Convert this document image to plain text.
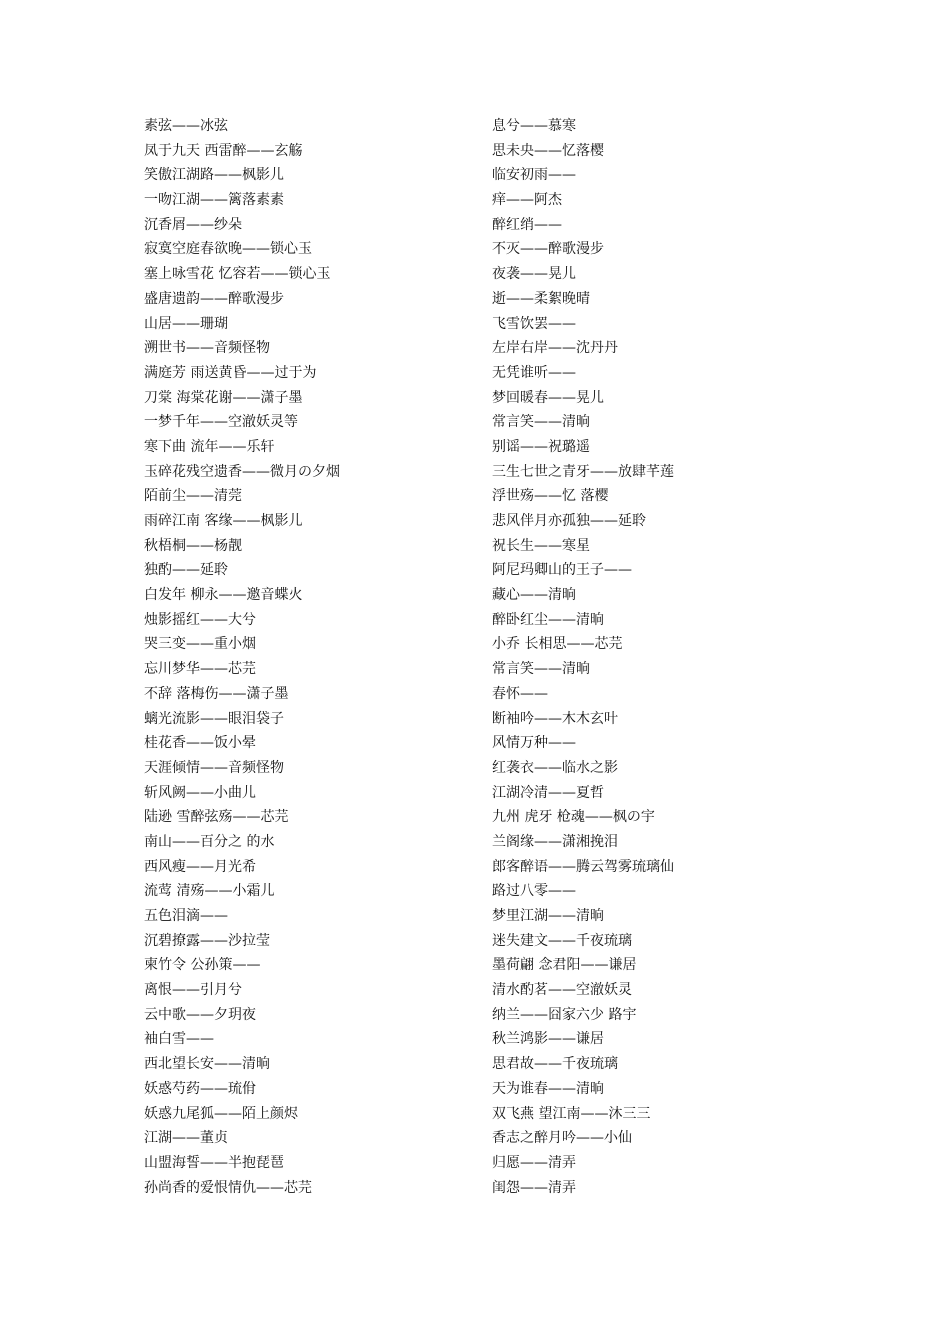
素弦——冰弦
凤于九天 西雷醉——玄觞
笑傲江湖路——枫影儿
一吻江湖——篱落素素
沉香屑——纱朵
寂寞空庭春欲晚——锁心玉
塞上咏雪花 忆容若——锁心玉
盛唐遗韵——醉歌漫步
山居——珊瑚
溯世书——音频怪物
满庭芳 雨送黄昏——过于为
刀棠 海棠花谢——潇子墨
一梦千年——空澈妖灵等
寒下曲 流年——乐轩
玉碎花残空遗香——微月の夕烟
陌前尘——清莞
雨碎江南 客缘——枫影儿
秋梧桐——杨靓
独酌——延聆
白发年 柳永——邀音蝶火
烛影摇红——大兮
哭三变——重小烟
忘川梦华——芯芫
不辞 落梅伤——潇子墨
螭光流影——眼泪袋子
桂花香——饭小晕
天涯倾情——音频怪物
斩风阙——小曲儿
陆逊 雪醉弦殇——芯芫
南山——百分之 的水
西风瘦——月光希
流莺 清殇——小霜儿
五色泪滴——
沉碧撩露——沙拉莹
柬竹令 公孙策——
离恨——引月兮
云中歌——夕玥夜
袖白雪——
西北望长安——清晌
妖惑芍药——琉佾
妖惑九尾狐——陌上颜烬
江湖——董贞
山盟海誓——半抱琵琶
孙尚香的爱恨情仇——芯芫
息兮——慕寒
思未央——忆落樱
临安初雨——
痒——阿杰
醉红绡——
不灭——醉歌漫步
夜袭——晃儿
逝——柔絮晚晴
飞雪饮罢——
左岸右岸——沈丹丹
无凭谁听——
梦回暖春——晃儿
常言笑——清晌
别谣——祝璐遥
三生七世之青牙——放肆芊莲
浮世殇——忆 落樱
悲风伴月亦孤独——延聆
祝长生——寒星
阿尼玛卿山的王子——
藏心——清晌
醉卧红尘——清晌
小乔 长相思——芯芫
常言笑——清晌
春怀——
断袖吟——木木玄叶
风情万种——
红袭衣——临水之影
江湖冷清——夏哲
九州 虎牙 枪魂——枫の宇
兰阁缘——潇湘挽泪
郎客醉语——腾云驾雾琉璃仙
路过八零——
梦里江湖——清晌
迷失建文——千夜琉璃
墨荷翩 念君阳——谦居
清水酌茗——空澈妖灵
纳兰——囧家六少 路宇
秋兰鸿影——谦居
思君故——千夜琉璃
天为谁春——清晌
双飞燕 望江南——沐三三
香志之醉月吟——小仙
归愿——清弄
闺怨——清弄
